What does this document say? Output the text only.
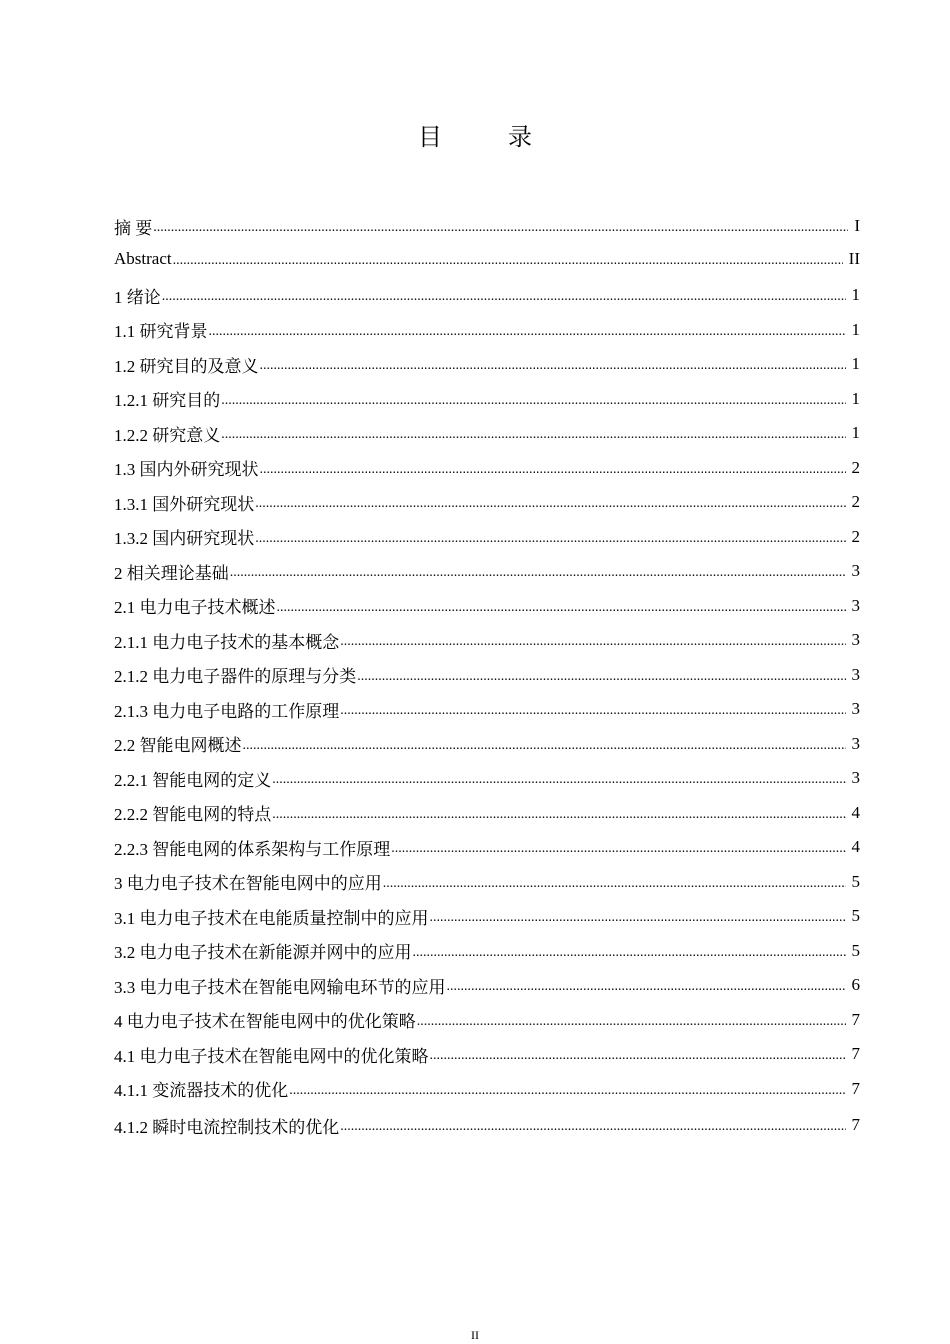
目 录
摘 要 .....	I
Abstract .....	II
1 绪论 .....	1
1.1 研究背景 .....	1
1.2 研究目的及意义 .....	1
1.2.1 研究目的 .....	1
1.2.2 研究意义 .....	1
1.3 国内外研究现状 .....	2
1.3.1 国外研究现状 .....	2
1.3.2 国内研究现状 .....	2
2 相关理论基础 .....	3
2.1 电力电子技术概述 .....	3
2.1.1 电力电子技术的基本概念 .....	3
2.1.2 电力电子器件的原理与分类 .....	3
2.1.3 电力电子电路的工作原理 .....	3
2.2 智能电网概述 .....	3
2.2.1 智能电网的定义 .....	3
2.2.2 智能电网的特点 .....	4
2.2.3 智能电网的体系架构与工作原理 .....	4
3 电力电子技术在智能电网中的应用 .....	5
3.1 电力电子技术在电能质量控制中的应用 .....	5
3.2 电力电子技术在新能源并网中的应用 .....	5
3.3 电力电子技术在智能电网输电环节的应用 .....	6
4 电力电子技术在智能电网中的优化策略 .....	7
4.1 电力电子技术在智能电网中的优化策略 .....	7
4.1.1 变流器技术的优化 .....	7
4.1.2 瞬时电流控制技术的优化 .....	7
II
